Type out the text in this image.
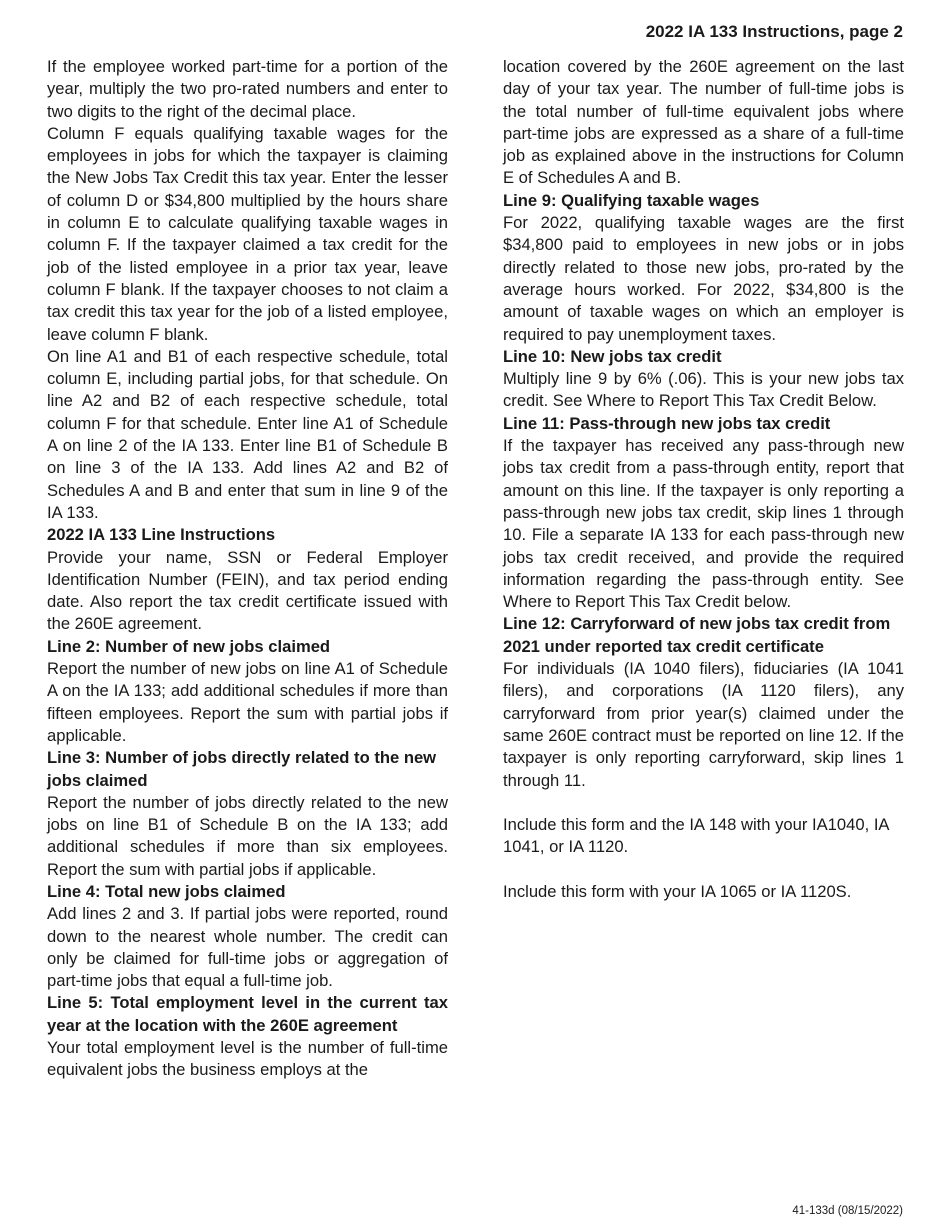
2022 IA 133 Instructions, page 2

If the employee worked part-time for a portion of the year, multiply the two pro-rated numbers and enter to two digits to the right of the decimal place.

Column F equals qualifying taxable wages for the employees in jobs for which the taxpayer is claiming the New Jobs Tax Credit this tax year. Enter the lesser of column D or $34,800 multiplied by the hours share in column E to calculate qualifying taxable wages in column F. If the taxpayer claimed a tax credit for the job of the listed employee in a prior tax year, leave column F blank. If the taxpayer chooses to not claim a tax credit this tax year for the job of a listed employee, leave column F blank.

On line A1 and B1 of each respective schedule, total column E, including partial jobs, for that schedule. On line A2 and B2 of each respective schedule, total column F for that schedule. Enter line A1 of Schedule A on line 2 of the IA 133. Enter line B1 of Schedule B on line 3 of the IA 133. Add lines A2 and B2 of Schedules A and B and enter that sum in line 9 of the IA 133.

2022 IA 133 Line Instructions

Provide your name, SSN or Federal Employer Identification Number (FEIN), and tax period ending date. Also report the tax credit certificate issued with the 260E agreement.

Line 2: Number of new jobs claimed

Report the number of new jobs on line A1 of Schedule A on the IA 133; add additional schedules if more than fifteen employees. Report the sum with partial jobs if applicable.

Line 3: Number of jobs directly related to the new jobs claimed

Report the number of jobs directly related to the new jobs on line B1 of Schedule B on the IA 133; add additional schedules if more than six employees. Report the sum with partial jobs if applicable.

Line 4: Total new jobs claimed

Add lines 2 and 3. If partial jobs were reported, round down to the nearest whole number. The credit can only be claimed for full-time jobs or aggregation of part-time jobs that equal a full-time job.

Line 5: Total employment level in the current tax year at the location with the 260E agreement

Your total employment level is the number of full-time equivalent jobs the business employs at the

location covered by the 260E agreement on the last day of your tax year. The number of full-time jobs is the total number of full-time equivalent jobs where part-time jobs are expressed as a share of a full-time job as explained above in the instructions for Column E of Schedules A and B.

Line 9: Qualifying taxable wages

For 2022, qualifying taxable wages are the first $34,800 paid to employees in new jobs or in jobs directly related to those new jobs, pro-rated by the average hours worked. For 2022, $34,800 is the amount of taxable wages on which an employer is required to pay unemployment taxes.

Line 10: New jobs tax credit

Multiply line 9 by 6% (.06). This is your new jobs tax credit. See Where to Report This Tax Credit Below.

Line 11: Pass-through new jobs tax credit

If the taxpayer has received any pass-through new jobs tax credit from a pass-through entity, report that amount on this line. If the taxpayer is only reporting a pass-through new jobs tax credit, skip lines 1 through 10. File a separate IA 133 for each pass-through new jobs tax credit received, and provide the required information regarding the pass-through entity. See Where to Report This Tax Credit below.

Line 12: Carryforward of new jobs tax credit from 2021 under reported tax credit certificate

For individuals (IA 1040 filers), fiduciaries (IA 1041 filers), and corporations (IA 1120 filers), any carryforward from prior year(s) claimed under the same 260E contract must be reported on line 12. If the taxpayer is only reporting carryforward, skip lines 1 through 11.

Include this form and the IA 148 with your IA1040, IA 1041, or IA 1120.

Include this form with your IA 1065 or IA 1120S.

41-133d (08/15/2022)
